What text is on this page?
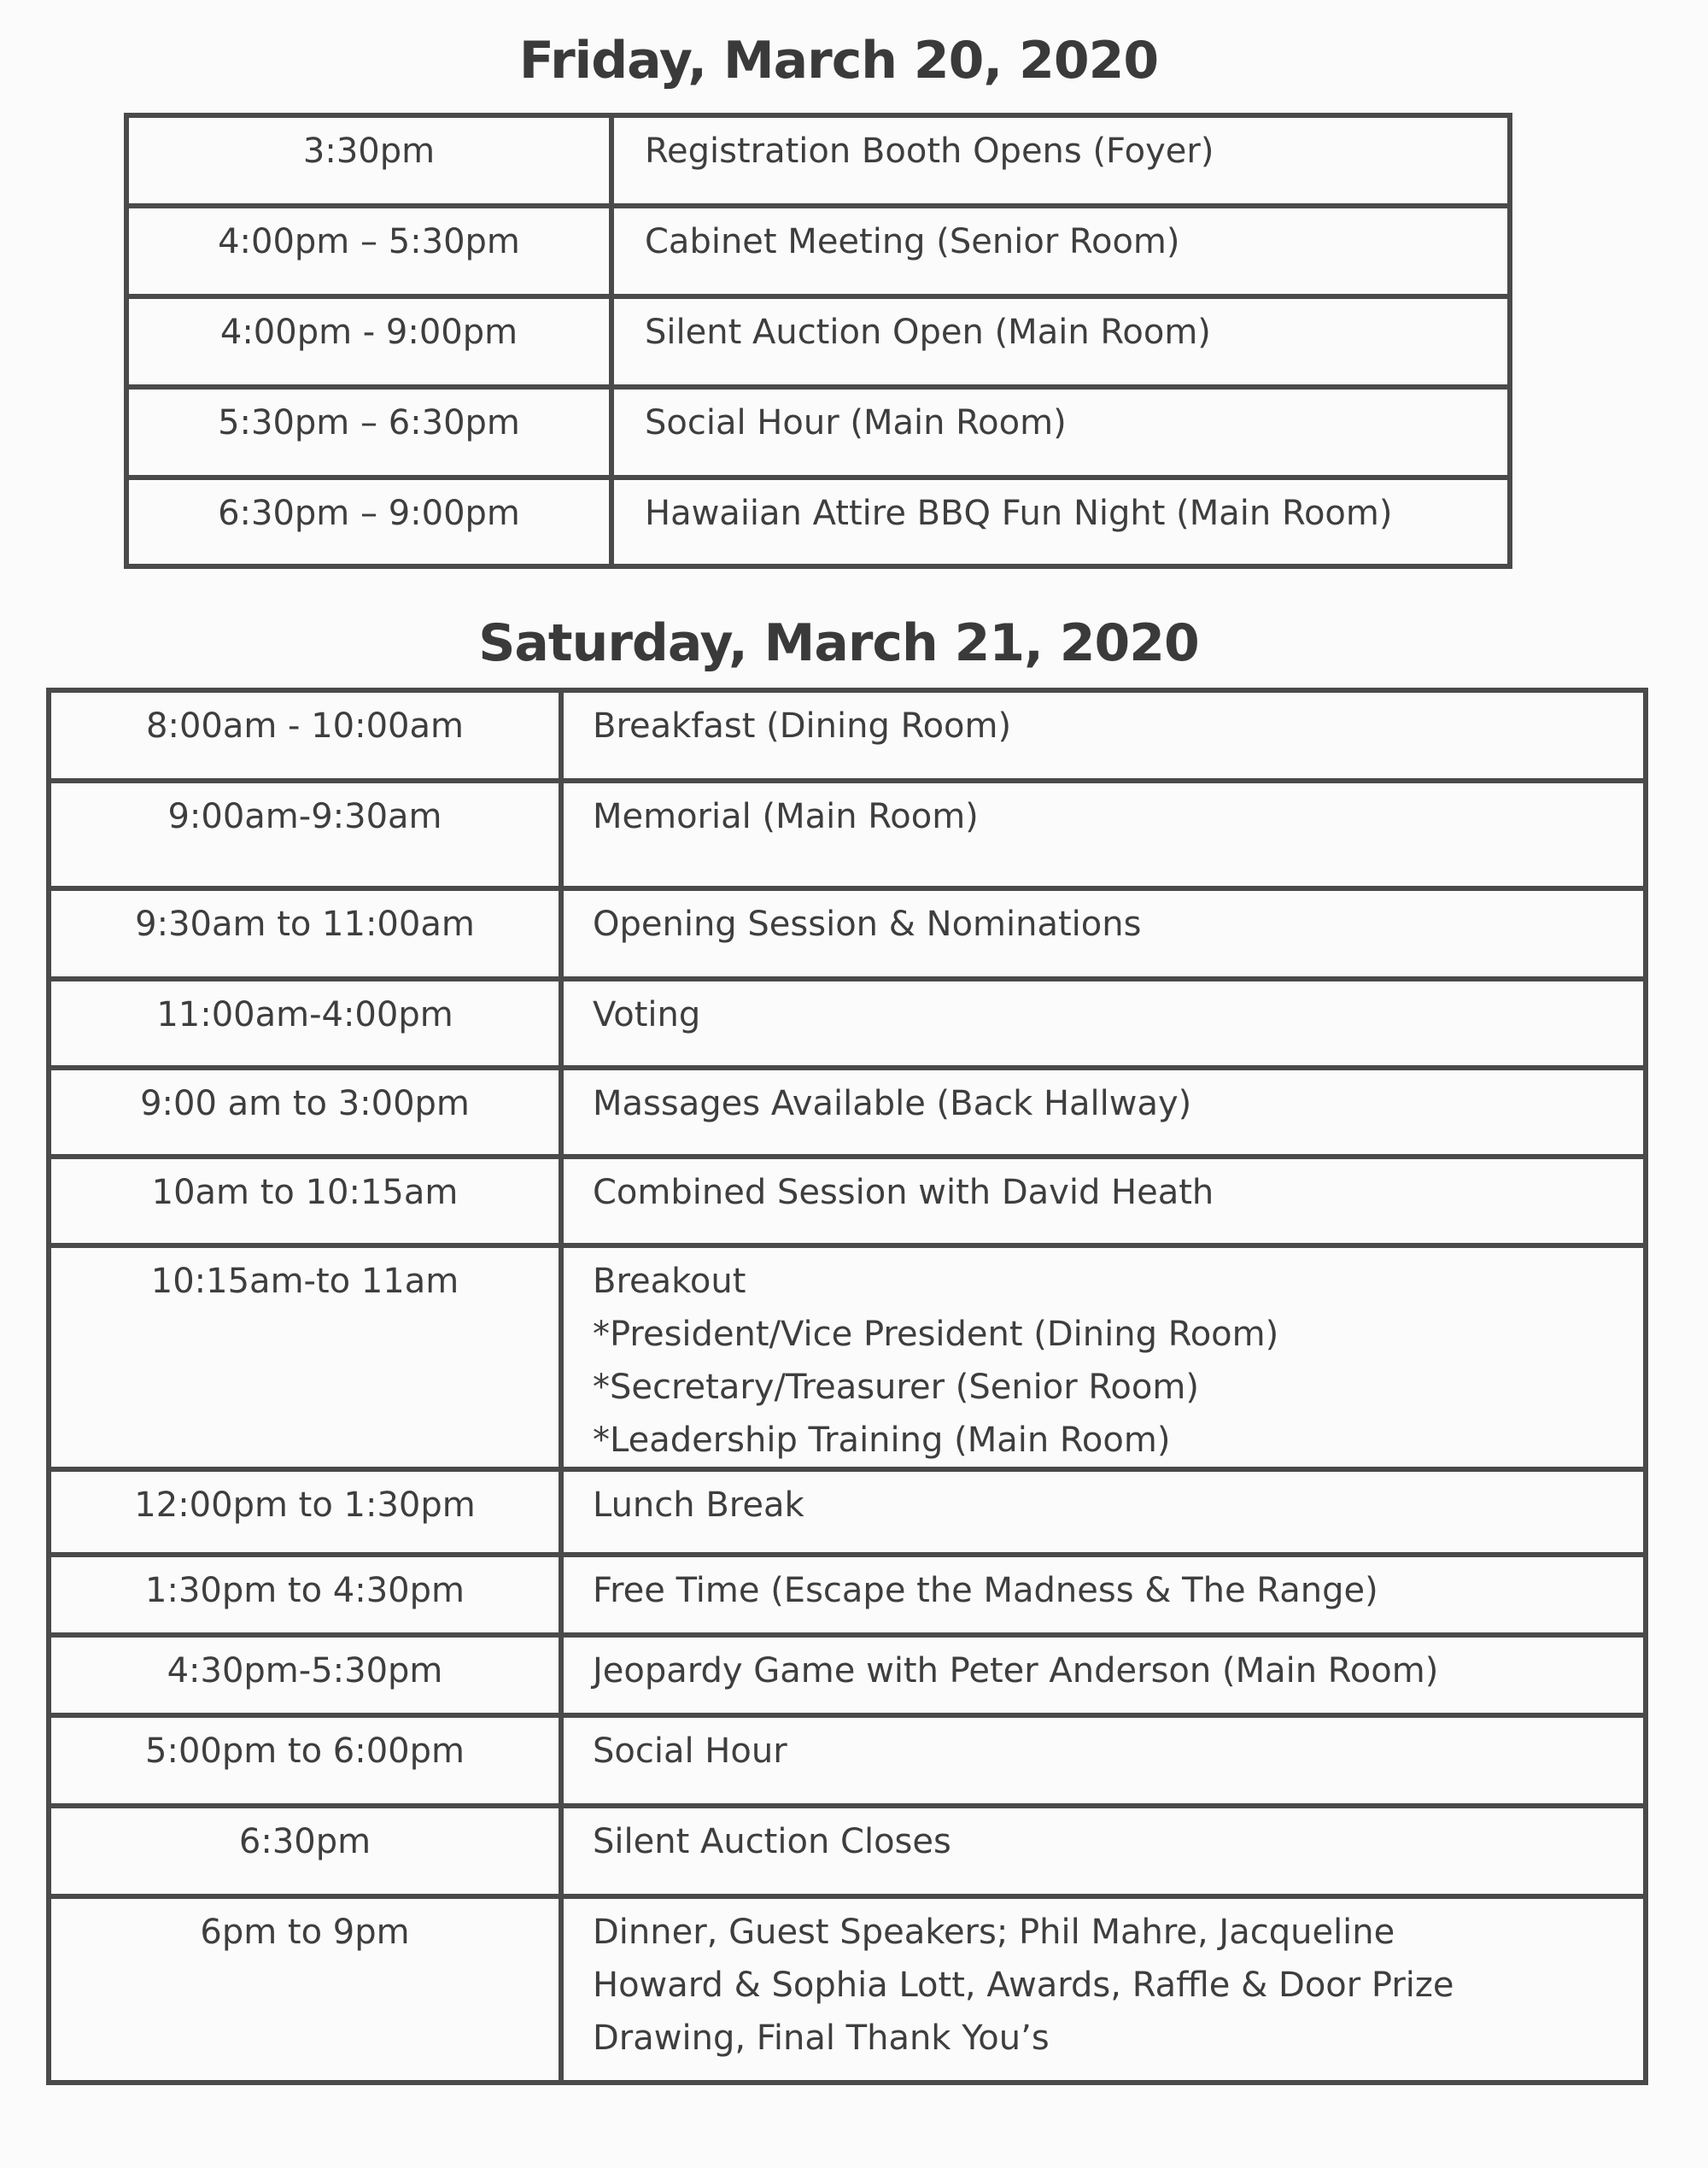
Friday, March 20, 2020
3:30pm	Registration Booth Opens (Foyer)

4:00pm – 5:30pm	Cabinet Meeting (Senior Room)

4:00pm - 9:00pm	Silent Auction Open (Main Room)

5:30pm – 6:30pm	Social Hour (Main Room)

6:30pm – 9:00pm	Hawaiian Attire BBQ Fun Night (Main Room)
Saturday, March 21, 2020
8:00am - 10:00am	Breakfast (Dining Room)

9:00am-9:30am	Memorial (Main Room)

9:30am to 11:00am	Opening Session & Nominations

11:00am-4:00pm	Voting

9:00 am to 3:00pm	Massages Available (Back Hallway)

10am to 10:15am	Combined Session with David Heath

10:15am-to 11am	Breakout
*President/Vice President (Dining Room)
*Secretary/Treasurer (Senior Room)
*Leadership Training (Main Room)

12:00pm to 1:30pm	Lunch Break

1:30pm to 4:30pm	Free Time (Escape the Madness & The Range)

4:30pm-5:30pm	Jeopardy Game with Peter Anderson (Main Room)

5:00pm to 6:00pm	Social Hour

6:30pm	Silent Auction Closes

6pm to 9pm	Dinner, Guest Speakers; Phil Mahre, Jacqueline
Howard & Sophia Lott, Awards, Raffle & Door Prize
Drawing, Final Thank You’s
